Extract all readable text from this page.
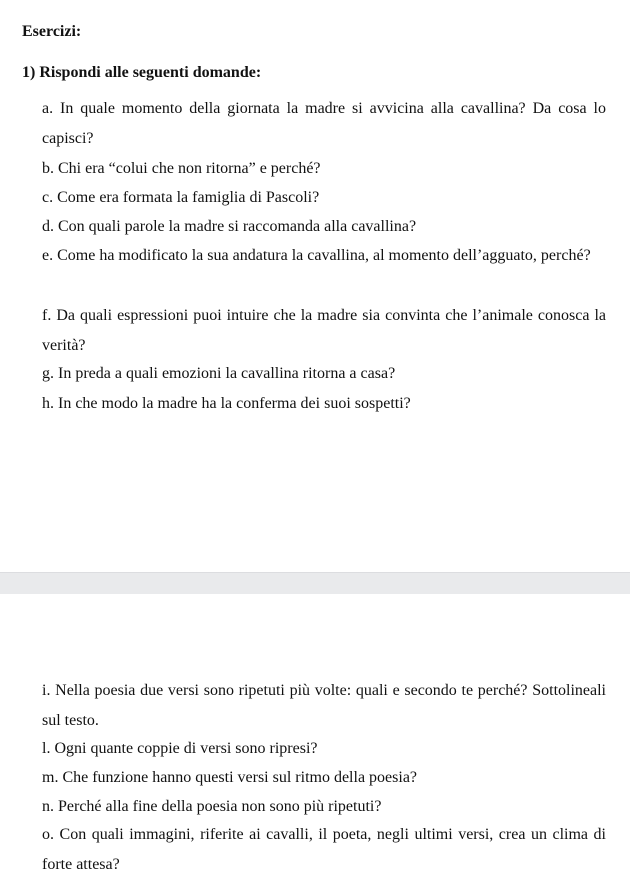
Esercizi:
1) Rispondi alle seguenti domande:

a. In quale momento della giornata la madre si avvicina alla cavallina? Da cosa lo capisci?

b. Chi era “colui che non ritorna” e perché?

c. Come era formata la famiglia di Pascoli?

d. Con quali parole la madre si raccomanda alla cavallina?

e. Come ha modificato la sua andatura la cavallina, al momento dell’agguato, perché?

f. Da quali espressioni puoi intuire che la madre sia convinta che l’animale conosca la verità?

g. In preda a quali emozioni la cavallina ritorna a casa?

h. In che modo la madre ha la conferma dei suoi sospetti?

i. Nella poesia due versi sono ripetuti più volte: quali e secondo te perché? Sottolineali sul testo.

l. Ogni quante coppie di versi sono ripresi?

m. Che funzione hanno questi versi sul ritmo della poesia?

n. Perché alla fine della poesia non sono più ripetuti?

o. Con quali immagini, riferite ai cavalli, il poeta, negli ultimi versi, crea un clima di forte attesa?
